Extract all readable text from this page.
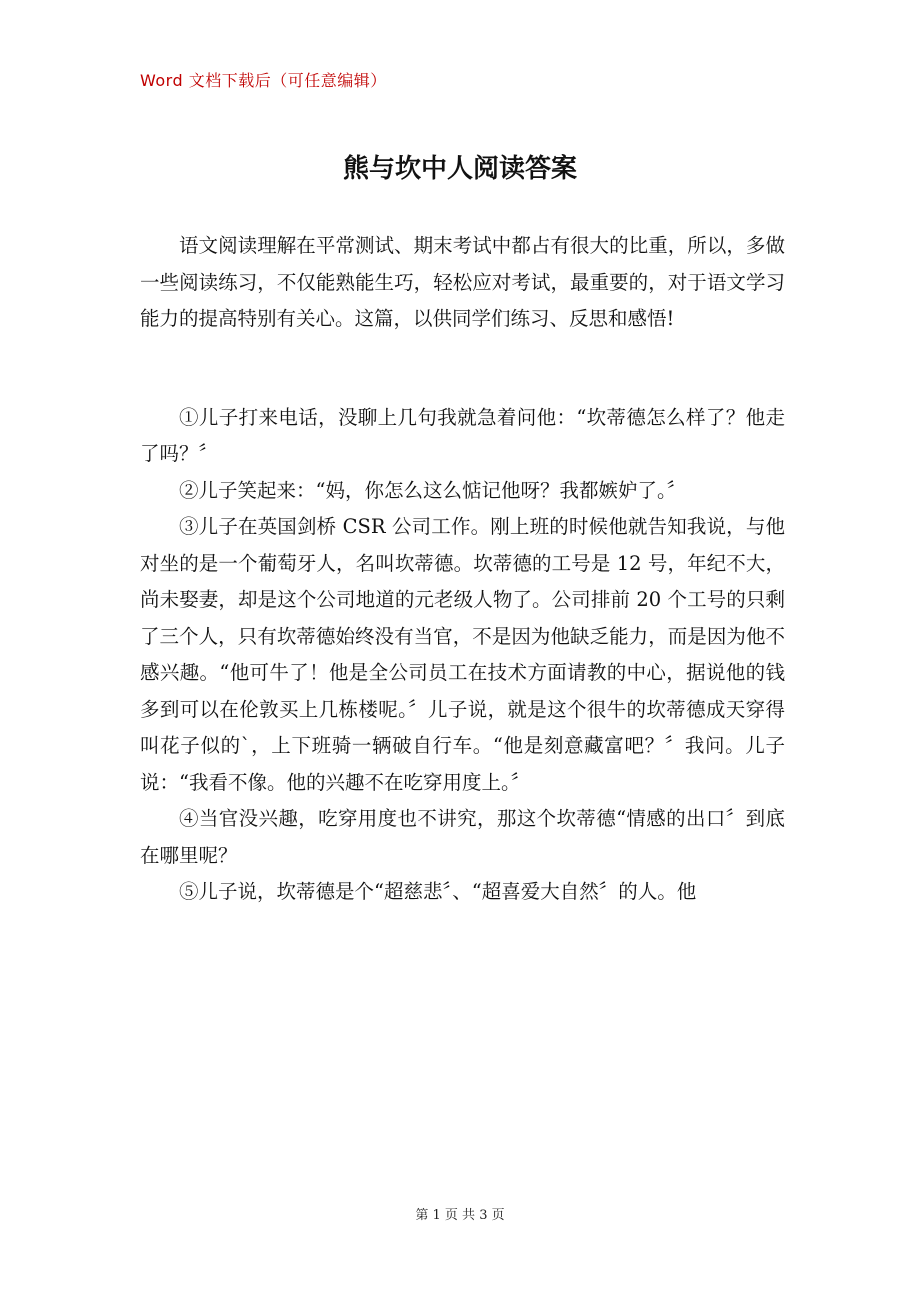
Word 文档下载后（可任意编辑）
熊与坎中人阅读答案

语文阅读理解在平常测试、期末考试中都占有很大的比重，所以，多做一些阅读练习，不仅能熟能生巧，轻松应对考试，最重要的，对于语文学习能力的提高特别有关心。这篇，以供同学们练习、反思和感悟!

①儿子打来电话，没聊上几句我就急着问他：“坎蒂德怎么样了？他走了吗？〞

②儿子笑起来：“妈，你怎么这么惦记他呀？我都嫉妒了。〞

③儿子在英国剑桥 CSR 公司工作。刚上班的时候他就告知我说，与他对坐的是一个葡萄牙人，名叫坎蒂德。坎蒂德的工号是 12 号，年纪不大，尚未娶妻，却是这个公司地道的元老级人物了。公司排前 20 个工号的只剩了三个人，只有坎蒂德始终没有当官，不是因为他缺乏能力，而是因为他不感兴趣。“他可牛了！他是全公司员工在技术方面请教的中心，据说他的钱多到可以在伦敦买上几栋楼呢。〞儿子说，就是这个很牛的坎蒂德成天穿得叫花子似的`，上下班骑一辆破自行车。“他是刻意藏富吧？〞我问。儿子说：“我看不像。他的兴趣不在吃穿用度上。〞

④当官没兴趣，吃穿用度也不讲究，那这个坎蒂德“情感的出口〞到底在哪里呢？

⑤儿子说，坎蒂德是个“超慈悲〞、“超喜爱大自然〞的人。他

第 1 页 共 3 页
